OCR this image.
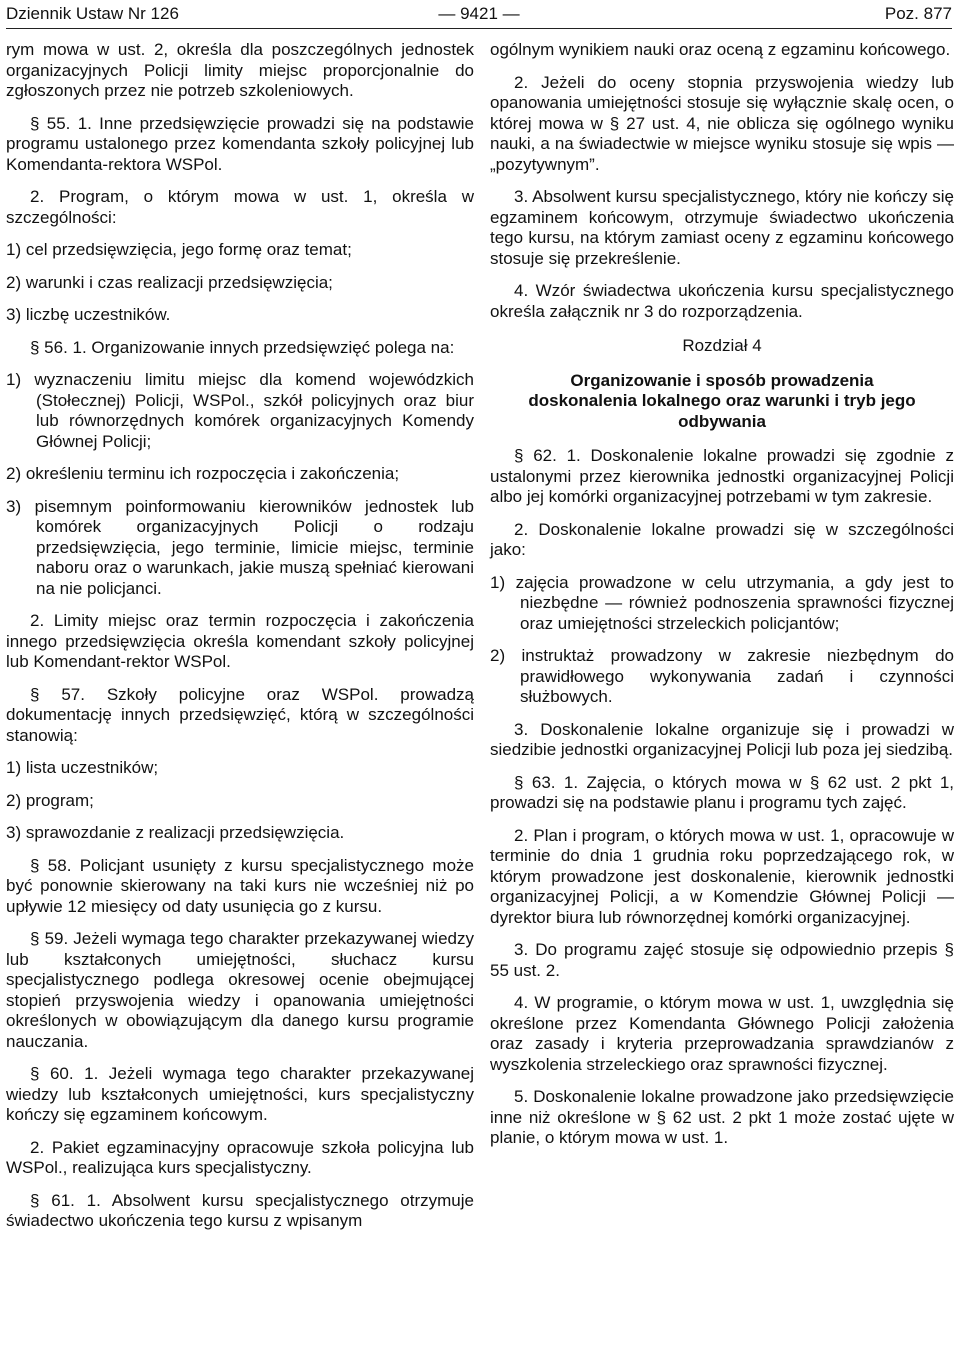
Dziennik Ustaw Nr 126	— 9421 —	Poz. 877
rym mowa w ust. 2, określa dla poszczególnych jednostek organizacyjnych Policji limity miejsc proporcjonalnie do zgłoszonych przez nie potrzeb szkoleniowych.
§ 55. 1. Inne przedsięwzięcie prowadzi się na podstawie programu ustalonego przez komendanta szkoły policyjnej lub Komendanta-rektora WSPol.
2. Program, o którym mowa w ust. 1, określa w szczególności:
1) cel przedsięwzięcia, jego formę oraz temat;
2) warunki i czas realizacji przedsięwzięcia;
3) liczbę uczestników.
§ 56. 1. Organizowanie innych przedsięwzięć polega na:
1) wyznaczeniu limitu miejsc dla komend wojewódzkich (Stołecznej) Policji, WSPol., szkół policyjnych oraz biur lub równorzędnych komórek organizacyjnych Komendy Głównej Policji;
2) określeniu terminu ich rozpoczęcia i zakończenia;
3) pisemnym poinformowaniu kierowników jednostek lub komórek organizacyjnych Policji o rodzaju przedsięwzięcia, jego terminie, limicie miejsc, terminie naboru oraz o warunkach, jakie muszą spełniać kierowani na nie policjanci.
2. Limity miejsc oraz termin rozpoczęcia i zakończenia innego przedsięwzięcia określa komendant szkoły policyjnej lub Komendant-rektor WSPol.
§ 57. Szkoły policyjne oraz WSPol. prowadzą dokumentację innych przedsięwzięć, którą w szczególności stanowią:
1) lista uczestników;
2) program;
3) sprawozdanie z realizacji przedsięwzięcia.
§ 58. Policjant usunięty z kursu specjalistycznego może być ponownie skierowany na taki kurs nie wcześniej niż po upływie 12 miesięcy od daty usunięcia go z kursu.
§ 59. Jeżeli wymaga tego charakter przekazywanej wiedzy lub kształconych umiejętności, słuchacz kursu specjalistycznego podlega okresowej ocenie obejmującej stopień przyswojenia wiedzy i opanowania umiejętności określonych w obowiązującym dla danego kursu programie nauczania.
§ 60. 1. Jeżeli wymaga tego charakter przekazywanej wiedzy lub kształconych umiejętności, kurs specjalistyczny kończy się egzaminem końcowym.
2. Pakiet egzaminacyjny opracowuje szkoła policyjna lub WSPol., realizująca kurs specjalistyczny.
§ 61. 1. Absolwent kursu specjalistycznego otrzymuje świadectwo ukończenia tego kursu z wpisanym
ogólnym wynikiem nauki oraz oceną z egzaminu końcowego.
2. Jeżeli do oceny stopnia przyswojenia wiedzy lub opanowania umiejętności stosuje się wyłącznie skalę ocen, o której mowa w § 27 ust. 4, nie oblicza się ogólnego wyniku nauki, a na świadectwie w miejsce wyniku stosuje się wpis — „pozytywnym”.
3. Absolwent kursu specjalistycznego, który nie kończy się egzaminem końcowym, otrzymuje świadectwo ukończenia tego kursu, na którym zamiast oceny z egzaminu końcowego stosuje się przekreślenie.
4. Wzór świadectwa ukończenia kursu specjalistycznego określa załącznik nr 3 do rozporządzenia.
Rozdział 4
Organizowanie i sposób prowadzenia doskonalenia lokalnego oraz warunki i tryb jego odbywania
§ 62. 1. Doskonalenie lokalne prowadzi się zgodnie z ustalonymi przez kierownika jednostki organizacyjnej Policji albo jej komórki organizacyjnej potrzebami w tym zakresie.
2. Doskonalenie lokalne prowadzi się w szczególności jako:
1) zajęcia prowadzone w celu utrzymania, a gdy jest to niezbędne — również podnoszenia sprawności fizycznej oraz umiejętności strzeleckich policjantów;
2) instruktaż prowadzony w zakresie niezbędnym do prawidłowego wykonywania zadań i czynności służbowych.
3. Doskonalenie lokalne organizuje się i prowadzi w siedzibie jednostki organizacyjnej Policji lub poza jej siedzibą.
§ 63. 1. Zajęcia, o których mowa w § 62 ust. 2 pkt 1, prowadzi się na podstawie planu i programu tych zajęć.
2. Plan i program, o których mowa w ust. 1, opracowuje w terminie do dnia 1 grudnia roku poprzedzającego rok, w którym prowadzone jest doskonalenie, kierownik jednostki organizacyjnej Policji, a w Komendzie Głównej Policji — dyrektor biura lub równorzędnej komórki organizacyjnej.
3. Do programu zajęć stosuje się odpowiednio przepis § 55 ust. 2.
4. W programie, o którym mowa w ust. 1, uwzględnia się określone przez Komendanta Głównego Policji założenia oraz zasady i kryteria przeprowadzania sprawdzianów z wyszkolenia strzeleckiego oraz sprawności fizycznej.
5. Doskonalenie lokalne prowadzone jako przedsięwzięcie inne niż określone w § 62 ust. 2 pkt 1 może zostać ujęte w planie, o którym mowa w ust. 1.
